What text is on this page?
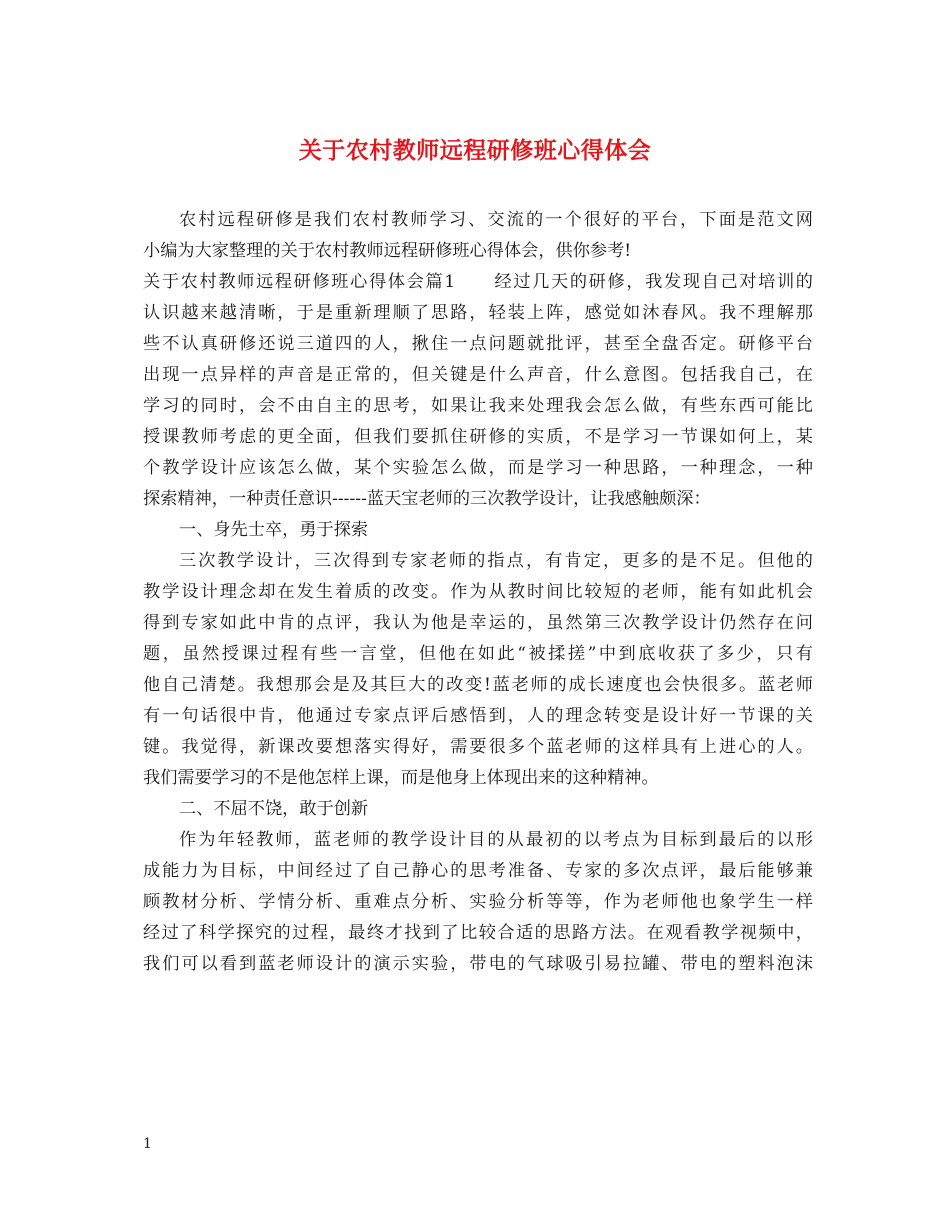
关于农村教师远程研修班心得体会
农村远程研修是我们农村教师学习、交流的一个很好的平台，下面是范文网
小编为大家整理的关于农村教师远程研修班心得体会，供你参考!
关于农村教师远程研修班心得体会篇1　　经过几天的研修，我发现自己对培训的
认识越来越清晰，于是重新理顺了思路，轻装上阵，感觉如沐春风。我不理解那
些不认真研修还说三道四的人，揪住一点问题就批评，甚至全盘否定。研修平台
出现一点异样的声音是正常的，但关键是什么声音，什么意图。包括我自己，在
学习的同时，会不由自主的思考，如果让我来处理我会怎么做，有些东西可能比
授课教师考虑的更全面，但我们要抓住研修的实质，不是学习一节课如何上，某
个教学设计应该怎么做，某个实验怎么做，而是学习一种思路，一种理念，一种
探索精神，一种责任意识------蓝天宝老师的三次教学设计，让我感触颇深：
一、身先士卒，勇于探索
三次教学设计，三次得到专家老师的指点，有肯定，更多的是不足。但他的
教学设计理念却在发生着质的改变。作为从教时间比较短的老师，能有如此机会
得到专家如此中肯的点评，我认为他是幸运的，虽然第三次教学设计仍然存在问
题，虽然授课过程有些一言堂，但他在如此“被揉搓”中到底收获了多少，只有
他自己清楚。我想那会是及其巨大的改变!蓝老师的成长速度也会快很多。蓝老师
有一句话很中肯，他通过专家点评后感悟到，人的理念转变是设计好一节课的关
键。我觉得，新课改要想落实得好，需要很多个蓝老师的这样具有上进心的人。
我们需要学习的不是他怎样上课，而是他身上体现出来的这种精神。
二、不屈不饶，敢于创新
作为年轻教师，蓝老师的教学设计目的从最初的以考点为目标到最后的以形
成能力为目标，中间经过了自己静心的思考准备、专家的多次点评，最后能够兼
顾教材分析、学情分析、重难点分析、实验分析等等，作为老师他也象学生一样
经过了科学探究的过程，最终才找到了比较合适的思路方法。在观看教学视频中，
我们可以看到蓝老师设计的演示实验，带电的气球吸引易拉罐、带电的塑料泡沫
1
